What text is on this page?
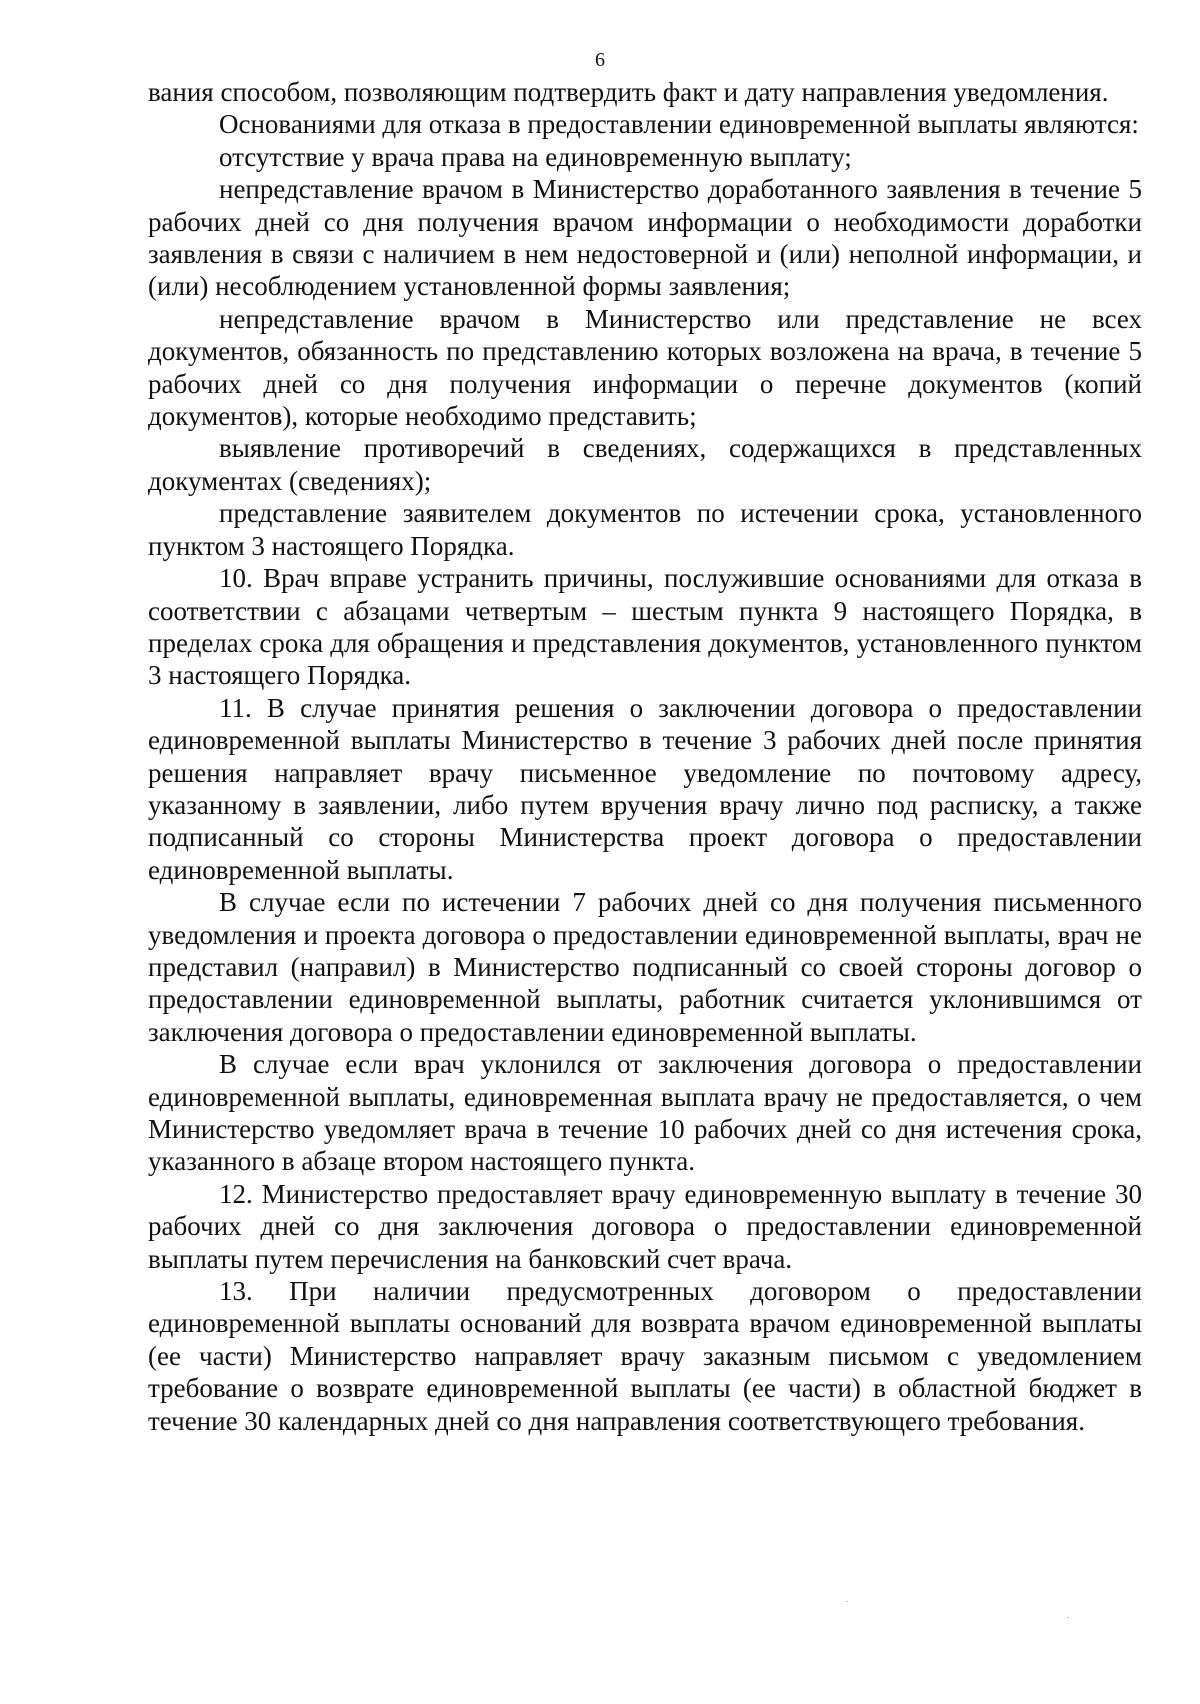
6

вания способом, позволяющим подтвердить факт и дату направления уведомления.

Основаниями для отказа в предоставлении единовременной выплаты являются:

отсутствие у врача права на единовременную выплату;

непредставление врачом в Министерство доработанного заявления в течение 5 рабочих дней со дня получения врачом информации о необходимости доработки заявления в связи с наличием в нем недостоверной и (или) неполной информации, и (или) несоблюдением установленной формы заявления;

непредставление врачом в Министерство или представление не всех документов, обязанность по представлению которых возложена на врача, в течение 5 рабочих дней со дня получения информации о перечне документов (копий документов), которые необходимо представить;

выявление противоречий в сведениях, содержащихся в представленных документах (сведениях);

представление заявителем документов по истечении срока, установленного пунктом 3 настоящего Порядка.

10. Врач вправе устранить причины, послужившие основаниями для отказа в соответствии с абзацами четвертым – шестым пункта 9 настоящего Порядка, в пределах срока для обращения и представления документов, установленного пунктом 3 настоящего Порядка.

11. В случае принятия решения о заключении договора о предоставлении единовременной выплаты Министерство в течение 3 рабочих дней после принятия решения направляет врачу письменное уведомление по почтовому адресу, указанному в заявлении, либо путем вручения врачу лично под расписку, а также подписанный со стороны Министерства проект договора о предоставлении единовременной выплаты.

В случае если по истечении 7 рабочих дней со дня получения письменного уведомления и проекта договора о предоставлении единовременной выплаты, врач не представил (направил) в Министерство подписанный со своей стороны договор о предоставлении единовременной выплаты, работник считается уклонившимся от заключения договора о предоставлении единовременной выплаты.

В случае если врач уклонился от заключения договора о предоставлении единовременной выплаты, единовременная выплата врачу не предоставляется, о чем Министерство уведомляет врача в течение 10 рабочих дней со дня истечения срока, указанного в абзаце втором настоящего пункта.

12. Министерство предоставляет врачу единовременную выплату в течение 30 рабочих дней со дня заключения договора о предоставлении единовременной выплаты путем перечисления на банковский счет врача.

13. При наличии предусмотренных договором о предоставлении единовременной выплаты оснований для возврата врачом единовременной выплаты (ее части) Министерство направляет врачу заказным письмом с уведомлением требование о возврате единовременной выплаты (ее части) в областной бюджет в течение 30 календарных дней со дня направления соответствующего требования.
